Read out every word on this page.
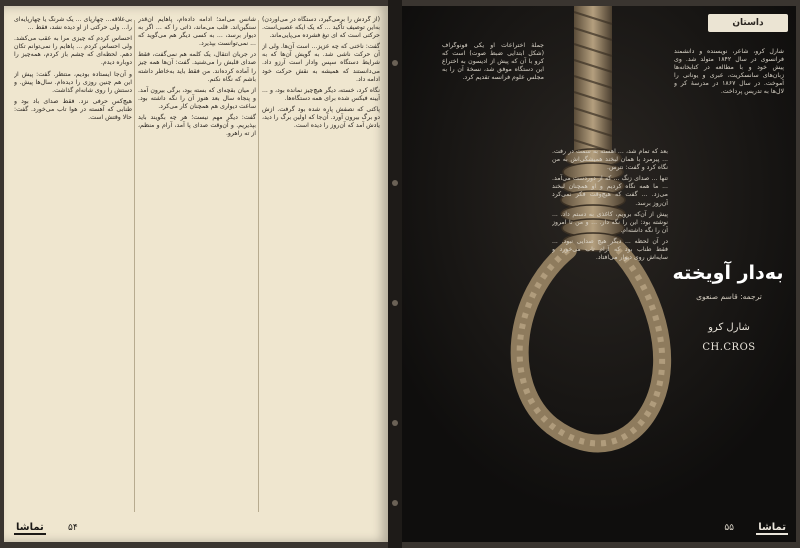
(از گردش را برمی‌گیرد، دستگاه در می‌آوردن) به‌این توصیف تأکید ... که یک ایکه عصبی‌است. حرکتی است که ای تیغ فشرده می‌پایی‌ماند.

گفت: ناخنی که چه عزیز... است آن‌ها. ولی از آن حرکت ناشی شد. به گویش آن‌ها که به شرایط دستگاه سپس وادار است آرزو داد. می‌دانستند که همیشه به نقش حرکت خود ادامه داد.

نگاه کرد، خسته، دیگر هیچ‌چیز نمانده بود، و ... آیینه فیکس شده برای همه دستگاه‌ها.

پاکتی که نصفش پاره شده بود گرفت. ازش دو برگ بیرون آورد. آن‌جا که اولین برگ را دید، یادش آمد که آن‌روز را دیده است.

شانس می‌آمد؛ ادامه داده‌ام، پاهایم آن‌قدر سنگین‌اند. قلب می‌ماند، ذاتی را که ... اگر به دیوار برسد، ... به کسی دیگر هم می‌گوید که ... نمی‌توانست بپذیرد.

در جریان انتقال، یک کلمه هم نمی‌گفت، فقط صدای قلبش را می‌شنید. گفت: آن‌ها همه چیز را آماده کرده‌اند. من فقط باید به‌خاطر داشته باشم که نگاه نکنم.

از میان بقچه‌ای که بسته بود، برگی بیرون آمد. و پنجاه سال بعد هنوز آن را نگه داشته بود. ساعت دیواری هم همچنان کار می‌کرد.

گفت: دیگر مهم نیست؛ هر چه بگویند باید بپذیریم. و آن‌وقت صدای پا آمد، آرام و منظم، از ته راهرو.

بی‌علاقه... چهارپای ... یک شرنگ یا چهارپایه‌ای را... ولی حرکتی از او دیده نشد، فقط ...

احساس کردم که چیزی مرا به عقب می‌کشد. ولی احساس کردم ... پاهایم را نمی‌توانم تکان دهم. لحظه‌ای که چشم باز کردم، همه‌چیز را دوباره دیدم.

و آن‌جا ایستاده بودیم، منتظر. گفت: پیش از این هم چنین روزی را دیده‌ام. سال‌ها پیش. و دستش را روی شانه‌ام گذاشت.

هیچ‌کس حرفی نزد. فقط صدای باد بود و طنابی که آهسته در هوا تاب می‌خورد. گفت: حالا وقتش است.

تماشا	۵۴
داستان

شارل کرو، شاعر، نویسنده و دانشمند فرانسوی در سال ۱۸۴۲ متولد شد. وی پیش خود و با مطالعه در کتابخانه‌ها زبان‌های سانسکریت، عبری و یونانی را آموخت. در سال ۱۸۶۷ در مدرسهٔ کر و لال‌ها به تدریس پرداخت.

جملهٔ اختراعات او یکی فونوگراف (شکل ابتدایی ضبط صوت) است که کرو با آن که پیش از ادیسون به اختراع این دستگاه موفق شد، نسخهٔ آن را به مجلس علوم فرانسه تقدیم کرد.

بعد که تمام شد، ... آهسته به سمت در رفت. ... پیرمرد با همان لبخند همیشگی‌اش به من نگاه کرد و گفت: نترس.

تنها ... صدای زنگ ... که از دوردست می‌آمد. ... ما همه نگاه کردیم و او همچنان لبخند می‌زد. ... گفت که هیچ‌وقت فکر نمی‌کرد آن‌روز برسد.

پیش از آن‌که برویم، کاغذی به دستم داد. ... نوشته بود: این را نگه دار. ... و من تا امروز آن را نگه داشته‌ام.

در آن لحظه ... دیگر هیچ صدایی نبود. ... فقط طناب بود که آرام تاب می‌خورد و سایه‌اش روی دیوار می‌افتاد.

به‌دار آویخته
ترجمه: قاسم صنعوی
شارل کرو
CH.CROS
۵۵ تماشا
